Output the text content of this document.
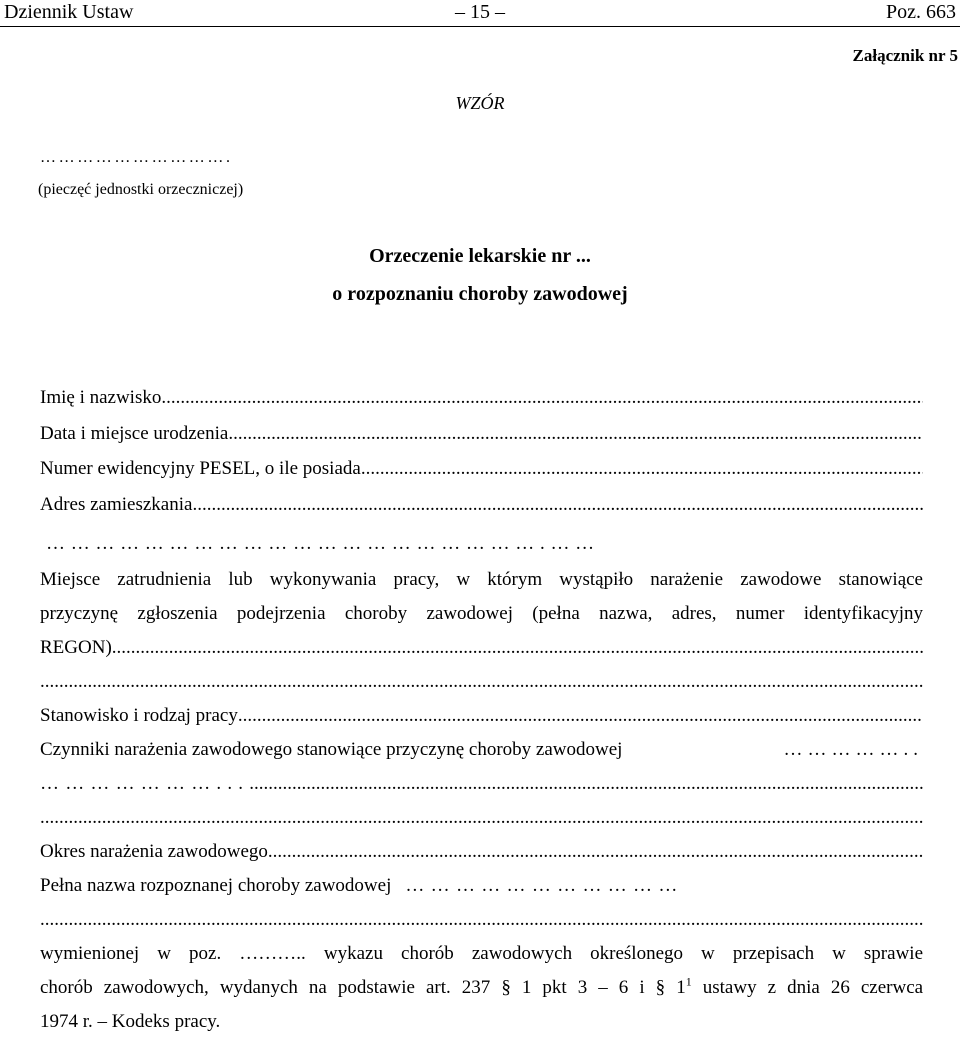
Dziennik Ustaw	– 15 –	Poz. 663
Załącznik nr 5
WZÓR
………………………….
(pieczęć jednostki orzeczniczej)
Orzeczenie lekarskie nr ...
o rozpoznaniu choroby zawodowej
Imię i nazwisko
.....
Data i miejsce urodzenia
.....
Numer ewidencyjny PESEL, o ile posiada
.....
Adres zamieszkania
.....
…………………………………………………….……
Miejsce zatrudnienia lub wykonywania pracy, w którym wystąpiło narażenie zawodowe stanowiące
przyczynę zgłoszenia podejrzenia choroby zawodowej (pełna nazwa, adres, numer identyfikacyjny
REGON)
.....
.....
Stanowisko i rodzaj pracy
.....
Czynniki narażenia zawodowego stanowiące przyczynę choroby zawodowej	……………..
…………………...
.....
.....
Okres narażenia zawodowego
.....
Pełna nazwa rozpoznanej choroby zawodowej ……………………………
.....
wymienionej w poz. ……….. wykazu chorób zawodowych określonego w przepisach w sprawie
chorób zawodowych, wydanych na podstawie art. 237 § 1 pkt 3 – 6 i § $1^1$ ustawy z dnia 26 czerwca
1974 r. – Kodeks pracy.
